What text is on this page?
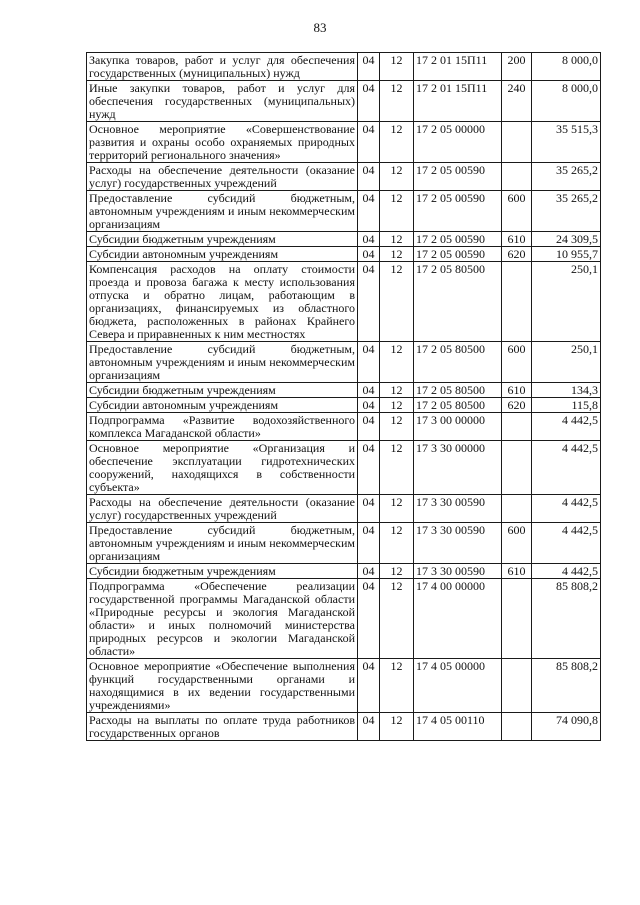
83
Закупка товаров, работ и услуг для обеспечения государственных (муниципальных) нужд	04	12	17 2 01 15П11	200	8 000,0
Иные закупки товаров, работ и услуг для обеспечения государственных (муниципальных) нужд	04	12	17 2 01 15П11	240	8 000,0
Основное мероприятие «Совершенствование развития и охраны особо охраняемых природных территорий регионального значения»	04	12	17 2 05 00000		35 515,3
Расходы на обеспечение деятельности (оказание услуг) государственных учреждений	04	12	17 2 05 00590		35 265,2
Предоставление субсидий бюджетным, автономным учреждениям и иным некоммерческим организациям	04	12	17 2 05 00590	600	35 265,2
Субсидии бюджетным учреждениям	04	12	17 2 05 00590	610	24 309,5
Субсидии автономным учреждениям	04	12	17 2 05 00590	620	10 955,7
Компенсация расходов на оплату стоимости проезда и провоза багажа к месту использования отпуска и обратно лицам, работающим в организациях, финансируемых из областного бюджета, расположенных в районах Крайнего Севера и приравненных к ним местностях	04	12	17 2 05 80500		250,1
Предоставление субсидий бюджетным, автономным учреждениям и иным некоммерческим организациям	04	12	17 2 05 80500	600	250,1
Субсидии бюджетным учреждениям	04	12	17 2 05 80500	610	134,3
Субсидии автономным учреждениям	04	12	17 2 05 80500	620	115,8
Подпрограмма «Развитие водохозяйственного комплекса Магаданской области»	04	12	17 3 00 00000		4 442,5
Основное мероприятие «Организация и обеспечение эксплуатации гидротехнических сооружений, находящихся в собственности субъекта»	04	12	17 3 30 00000		4 442,5
Расходы на обеспечение деятельности (оказание услуг) государственных учреждений	04	12	17 3 30 00590		4 442,5
Предоставление субсидий бюджетным, автономным учреждениям и иным некоммерческим организациям	04	12	17 3 30 00590	600	4 442,5
Субсидии бюджетным учреждениям	04	12	17 3 30 00590	610	4 442,5
Подпрограмма «Обеспечение реализации государственной программы Магаданской области «Природные ресурсы и экология Магаданской области» и иных полномочий министерства природных ресурсов и экологии Магаданской области»	04	12	17 4 00 00000		85 808,2
Основное мероприятие «Обеспечение выполнения функций государственными органами и находящимися в их ведении государственными учреждениями»	04	12	17 4 05 00000		85 808,2
Расходы на выплаты по оплате труда работников государственных органов	04	12	17 4 05 00110		74 090,8
